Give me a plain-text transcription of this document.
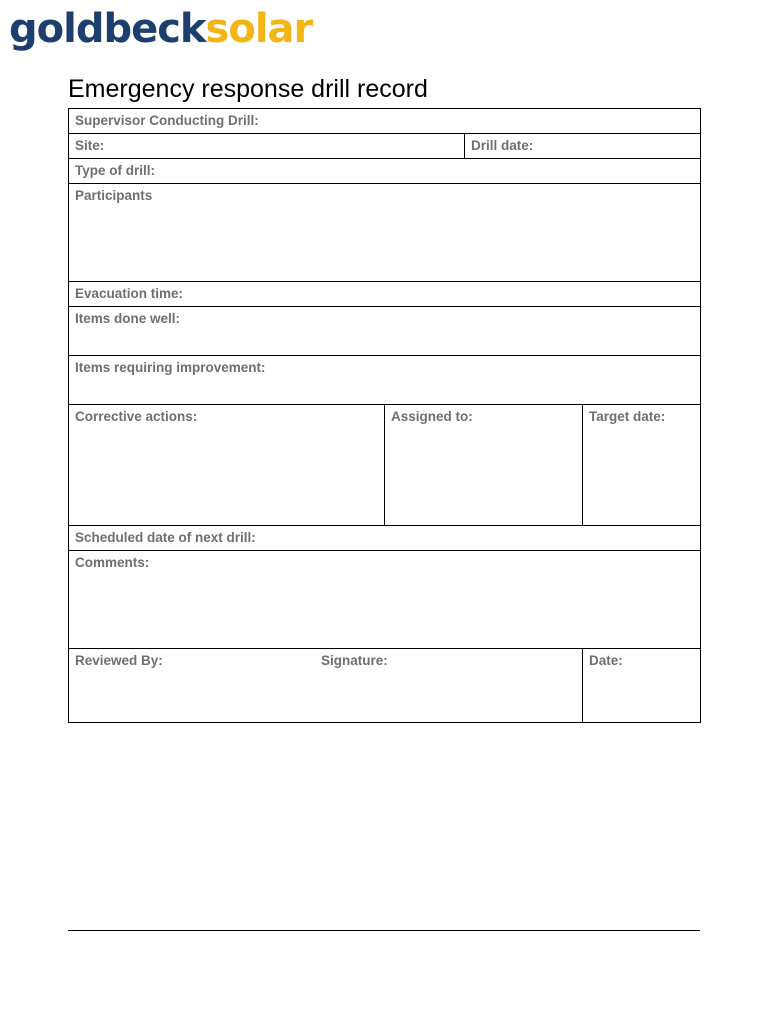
goldbecksolar
Emergency response drill record
Supervisor Conducting Drill:
Site:	Drill date:
Type of drill:
Participants
Evacuation time:
Items done well:
Items requiring improvement:
Corrective actions:	Assigned to:	Target date:
Scheduled date of next drill:
Comments:
Reviewed By:	Signature:	Date:
